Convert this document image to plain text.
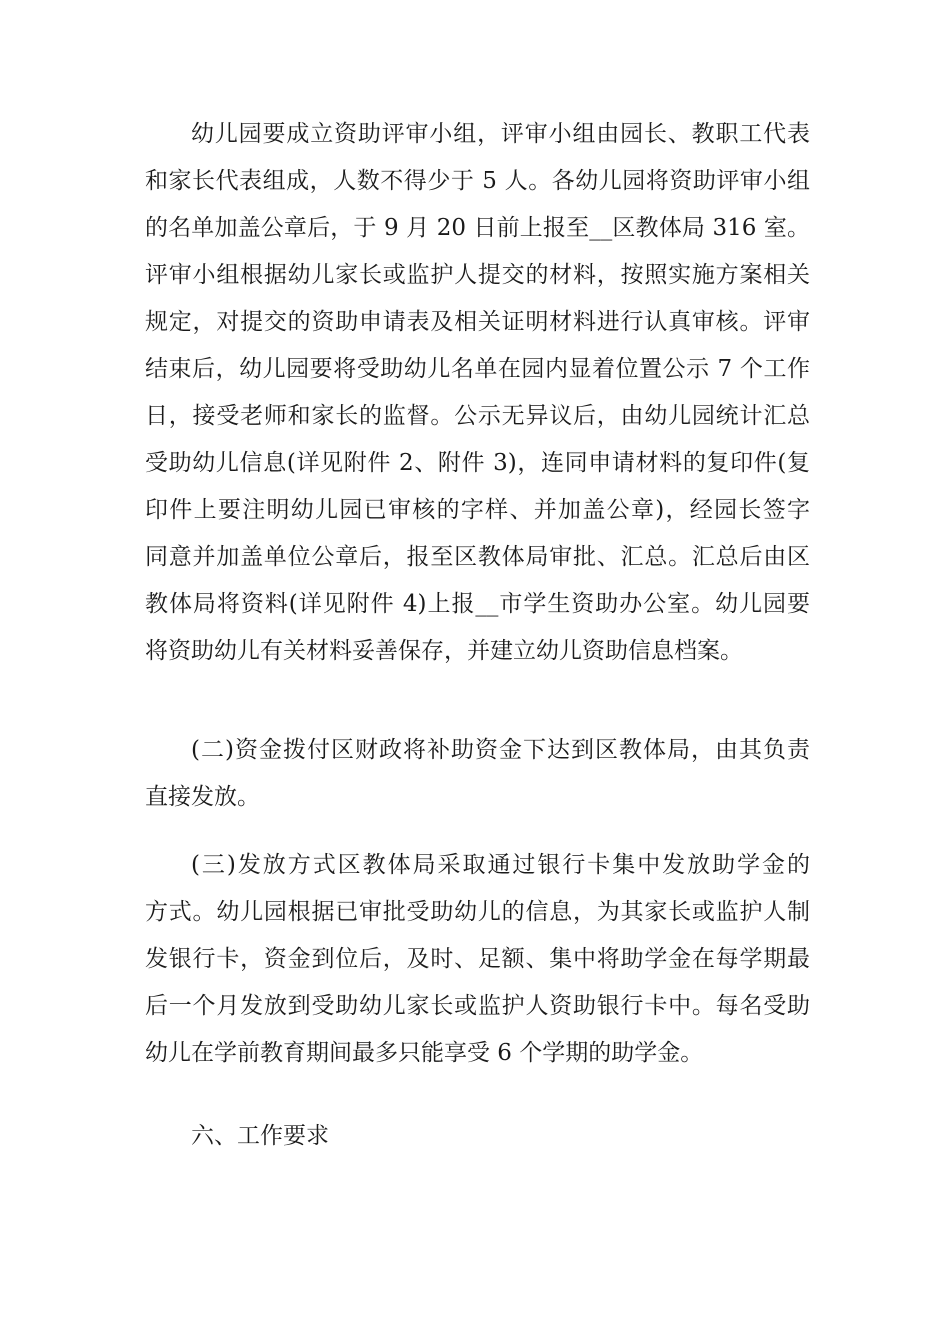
幼儿园要成立资助评审小组，评审小组由园长、教职工代表
和家长代表组成，人数不得少于 5 人。各幼儿园将资助评审小组
的名单加盖公章后，于 9 月 20 日前上报至__区教体局 316 室。
评审小组根据幼儿家长或监护人提交的材料，按照实施方案相关
规定，对提交的资助申请表及相关证明材料进行认真审核。评审
结束后，幼儿园要将受助幼儿名单在园内显着位置公示 7 个工作
日，接受老师和家长的监督。公示无异议后，由幼儿园统计汇总
受助幼儿信息(详见附件 2、附件 3)，连同申请材料的复印件(复
印件上要注明幼儿园已审核的字样、并加盖公章)，经园长签字
同意并加盖单位公章后，报至区教体局审批、汇总。汇总后由区
教体局将资料(详见附件 4)上报__市学生资助办公室。幼儿园要
将资助幼儿有关材料妥善保存，并建立幼儿资助信息档案。
(二)资金拨付区财政将补助资金下达到区教体局，由其负责
直接发放。
(三)发放方式区教体局采取通过银行卡集中发放助学金的
方式。幼儿园根据已审批受助幼儿的信息，为其家长或监护人制
发银行卡，资金到位后，及时、足额、集中将助学金在每学期最
后一个月发放到受助幼儿家长或监护人资助银行卡中。每名受助
幼儿在学前教育期间最多只能享受 6 个学期的助学金。
六、工作要求
